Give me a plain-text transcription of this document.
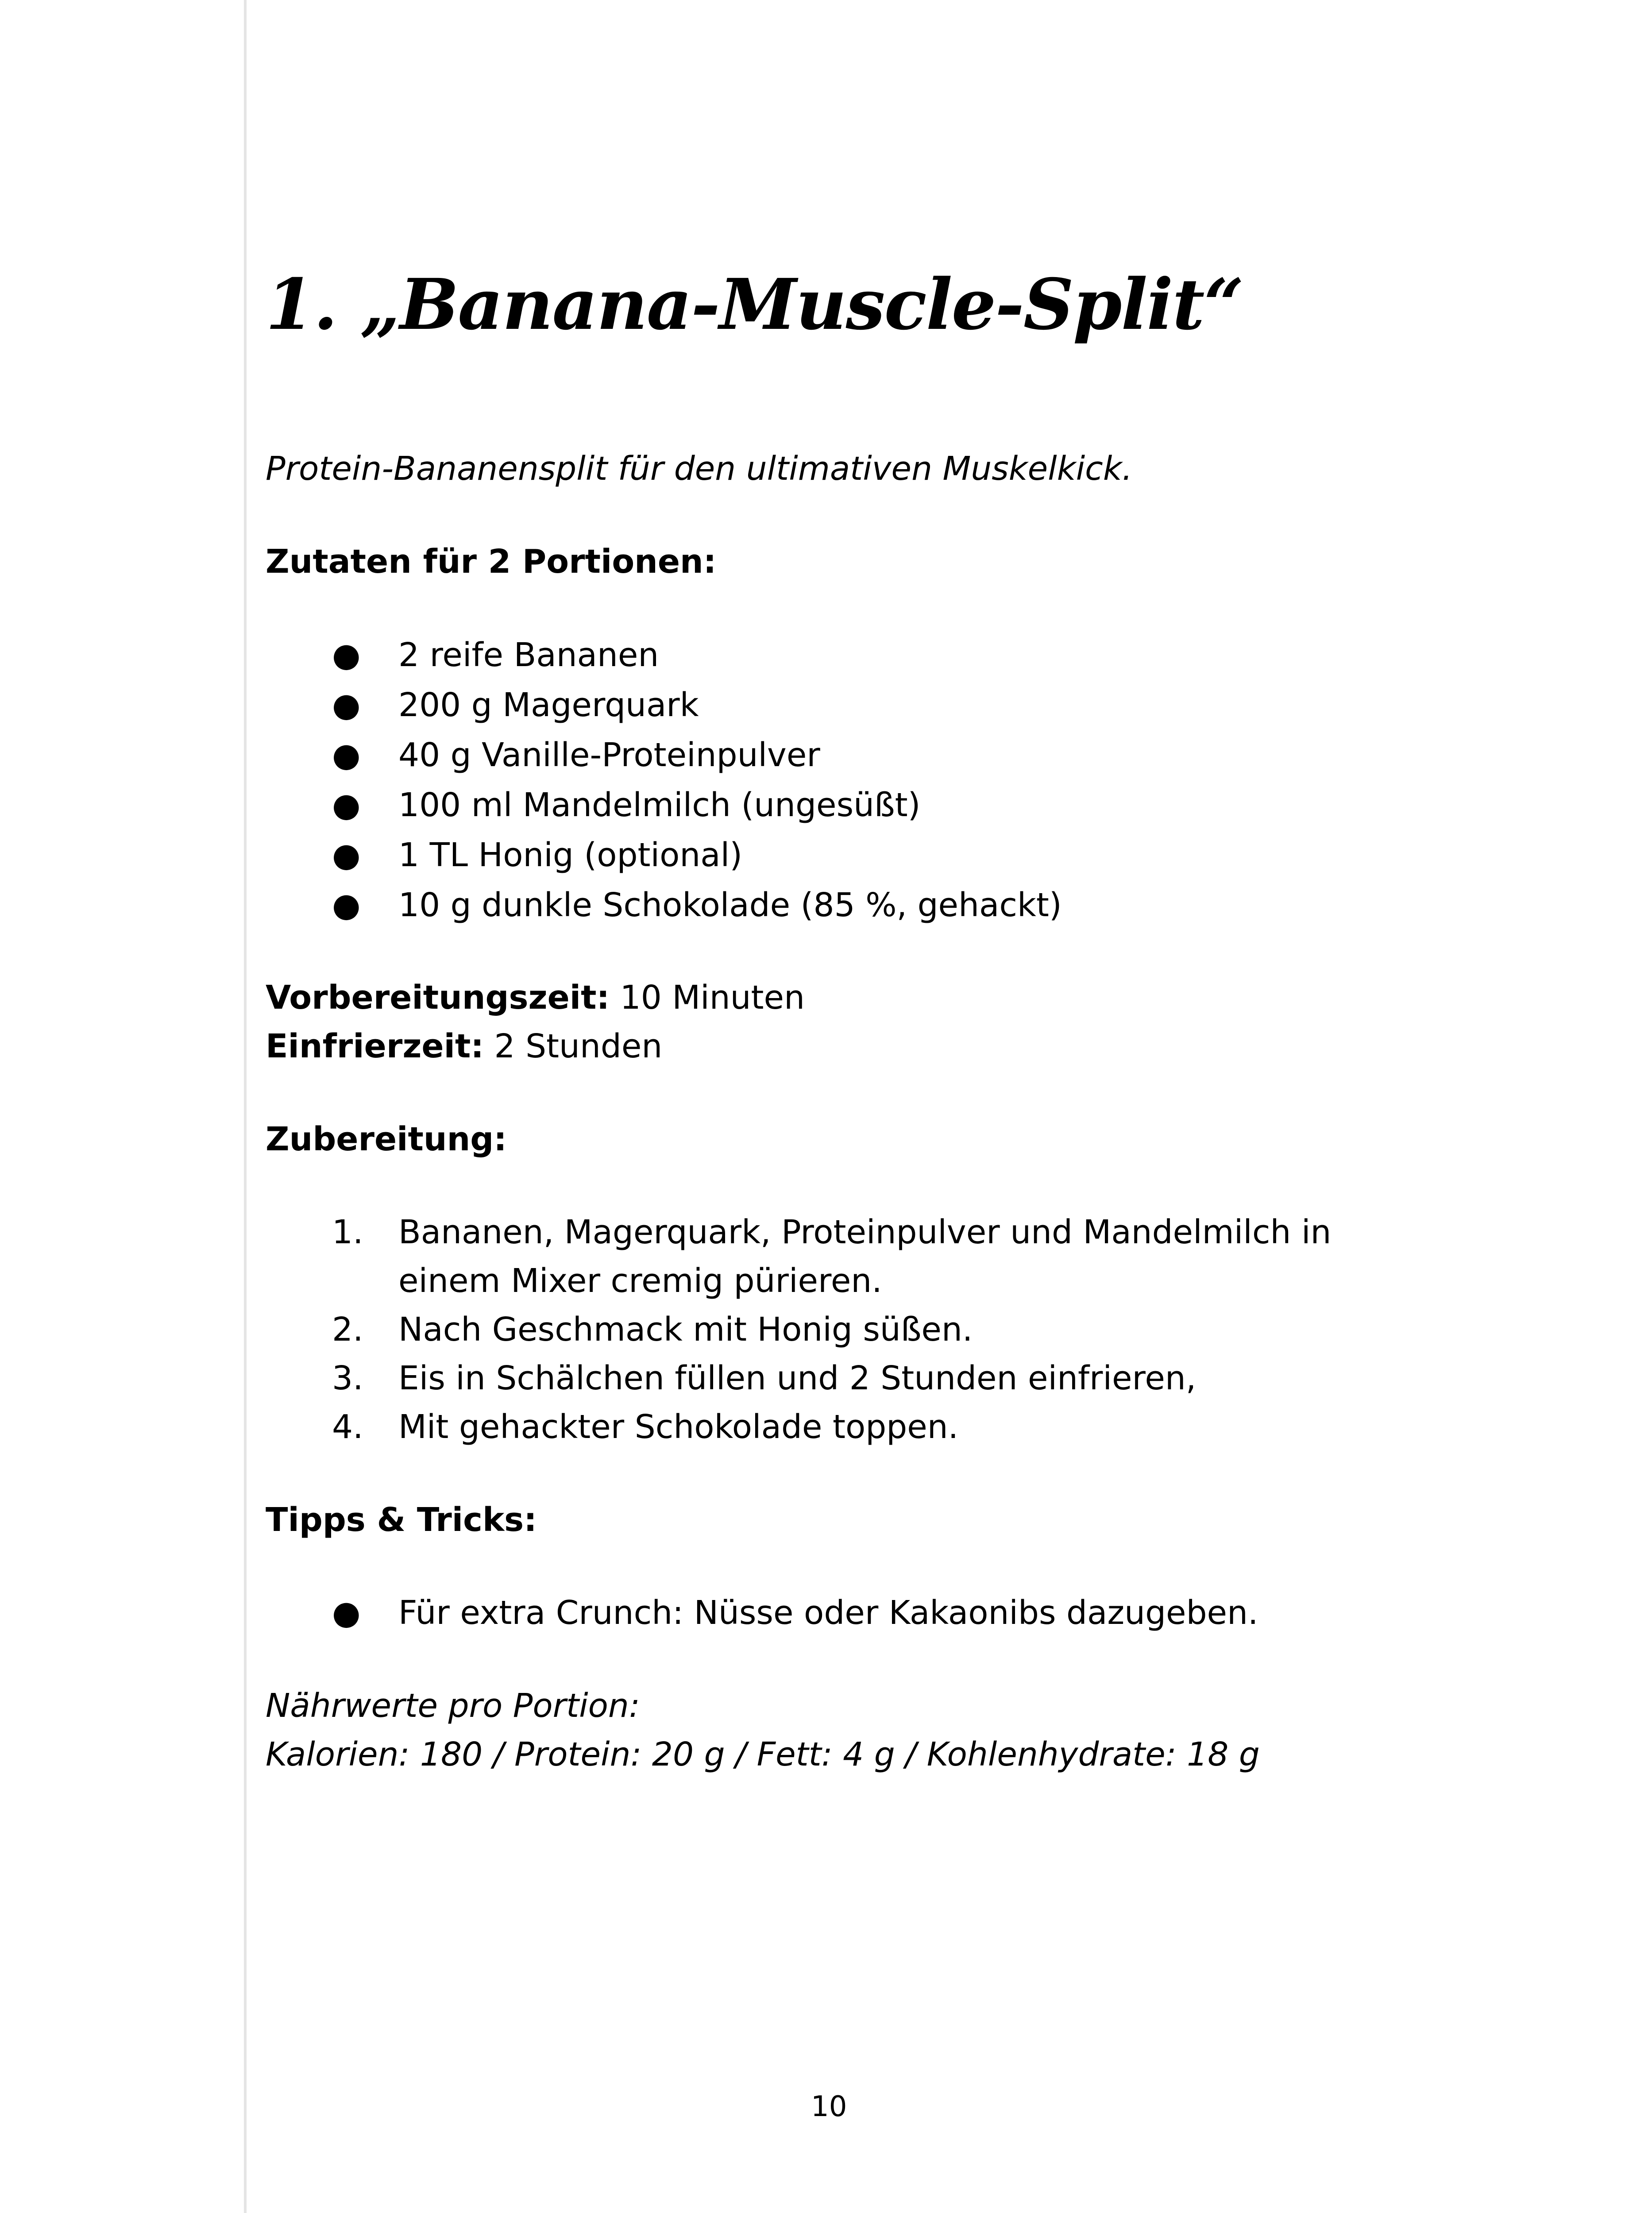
1. „Banana-Muscle-Split“

Protein-Bananensplit für den ultimativen Muskelkick.

Zutaten für 2 Portionen:

● 2 reife Bananen
● 200 g Magerquark
● 40 g Vanille-Proteinpulver
● 100 ml Mandelmilch (ungesüßt)
● 1 TL Honig (optional)
● 10 g dunkle Schokolade (85 %, gehackt)

Vorbereitungszeit: 10 Minuten

Einfrierzeit: 2 Stunden

Zubereitung:

1.	Bananen, Magerquark, Proteinpulver und Mandelmilch in
einem Mixer cremig pürieren.
2.	Nach Geschmack mit Honig süßen.
3.	Eis in Schälchen füllen und 2 Stunden einfrieren,
4.	Mit gehackter Schokolade toppen.

Tipps & Tricks:

● Für extra Crunch: Nüsse oder Kakaonibs dazugeben.

Nährwerte pro Portion:

Kalorien: 180 / Protein: 20 g / Fett: 4 g / Kohlenhydrate: 18 g

10
